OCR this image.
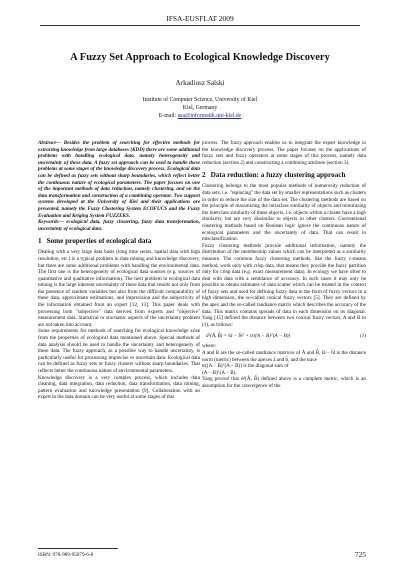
IFSA-EUSFLAT 2009
A Fuzzy Set Approach to Ecological Knowledge Discovery
Arkadiusz Salski
Institute of Computer Science, University of Kiel
Kiel, Germany
E-mail: asa@informatik.uni-kiel.de

Abstract— Besides the problem of searching for effective methods for extracting knowledge from large databases (KDD) there are some additional problems with handling ecological data, namely heterogeneity and uncertainty of these data. A fuzzy set approach can be used to handle these problems at some stages of the knowledge discovery process. Ecological data can be defined as fuzzy sets without sharp boundaries, which reflect better the continuous nature of ecological parameters. The paper focuses on one of the important methods of data reduction, namely clustering, and on the data transformation and construction of a combining operator. Two support systems developed at the University of Kiel and their applications are presented, namely the Fuzzy Clustering System ECOFUCS and the Fuzzy Evaluation and Kriging System FUZZEKS.

Keywords— ecological data, fuzzy clustering, fuzzy data transformation, uncertainty of ecological data.

1 Some properties of ecological data

Dealing with a very large data basis (long time series, spatial data with high resolution, etc.) is a typical problem in data mining and knowledge discovery, but there are some additional problems with handling the environmental data. The first one is the heterogeneity of ecological data sources (e.g. sources of quantitative and qualitative information). The next problem in ecological data mining is the large inherent uncertainty of these data that results not only from the presence of random variables but also from the difficult comparability of these data, approximate estimations, and imprecision and the subjectivity of the information obtained from an expert [12, 13]. This paper deals with processing both "subjective" data derived from experts and "objective" measurement data. Statistical or stochastic aspects of the uncertainty problem are not taken into account.

Some requirements for methods of searching for ecological knowledge arise from the properties of ecological data mentioned above. Special methods of data analysis should be used to handle the uncertainty and heterogeneity of these data. The fuzzy approach, as a possible way to handle uncertainty, is particularly useful for processing imprecise or uncertain data. Ecological data can be defined as fuzzy sets or fuzzy clusters without sharp boundaries. That reflects better the continuous nature of environmental parameters.

Knowledge discovery is a very complex process, which includes data cleaning, data integration, data reduction, data transformation, data mining, pattern evaluation and knowledge presentation [9]. Collaboration with an expert in the data domain can be very useful at some stages of this

process. The fuzzy approach enables us to integrate the expert knowledge in the knowledge discovery process. The paper focuses on the applications of fuzzy sets and fuzzy operators at some stages of this process, namely data reduction (section 2) and constructing a combining attribute (section 3).

2 Data reduction: a fuzzy clustering approach

Clustering belongs to the most popular methods of numerosity reduction of data sets, i.e. "replacing" the data set by smaller representations such as clusters in order to reduce the size of the data set. The clustering methods are based on the principle of maximizing the intraclass similarity of objects and minimizing the interclass similarity of these objects, i.e. objects within a cluster have a high similarity, but are very dissimilar to objects in other clusters. Conventional clustering methods based on Boolean logic ignore the continuous nature of ecological parameters and the uncertainty of data. That can result in misclassification.

Fuzzy clustering methods provide additional information, namely the distribution of the membership values which can be interpreted as a similarity measure. The common fuzzy clustering methods, like the fuzzy c-means method, work only with crisp data, that means they provide the fuzzy partition only for crisp data (e.g. exact measurement data). In ecology we have often to deal with data with a semblance of accuracy. In such cases it may only be possible to obtain estimates of data scatter which can be treated in the context of fuzzy sets and used for defining fuzzy data in the form of fuzzy vectors in a high dimension, the so-called conical fuzzy vectors [5]. They are defined by the apex and the so-called randiance matrix which describes the accuracy of the data. This matrix contains spreads of data in each dimension on its diagonal. Yang [15] defined the distance between two conical fuzzy vectors, A and B in (1), as follows:

d²(Ã, B̃) = ‖ā − b̄‖² + tr((A − B)ᵀ(A − B))	(1)

where:

A and B are the so-called randiance matrices of Ã and B̃, ‖ā − b̄‖ is the distance norm (metric) between the apexes ā and b̄, and the trace

tr((A − B)ᵀ(A − B)) is the diagonal sum of

(A − B)ᵀ(A − B).

Yang proved that d²(Ã, B̃) defined above is a complete metric, which is an assumption for the convergence of the

ISBN: 978-989-95079-6-8	725
